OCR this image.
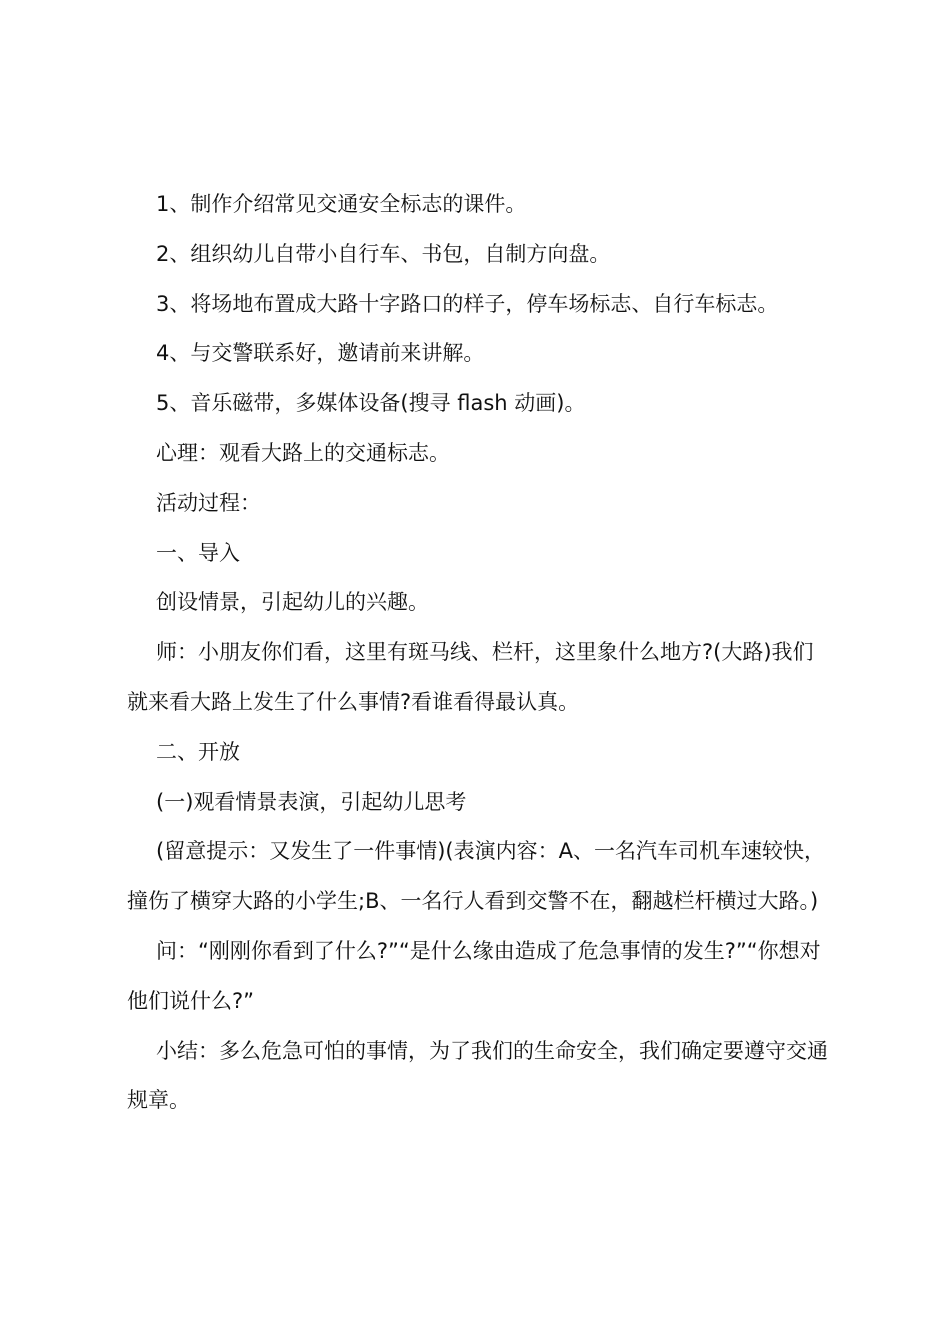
1、制作介绍常见交通安全标志的课件。

2、组织幼儿自带小自行车、书包，自制方向盘。

3、将场地布置成大路十字路口的样子，停车场标志、自行车标志。

4、与交警联系好，邀请前来讲解。

5、音乐磁带，多媒体设备(搜寻 flash 动画)。

心理：观看大路上的交通标志。

活动过程：

一、导入

创设情景，引起幼儿的兴趣。

师：小朋友你们看，这里有斑马线、栏杆，这里象什么地方?(大路)我们就来看大路上发生了什么事情?看谁看得最认真。

二、开放

(一)观看情景表演，引起幼儿思考

(留意提示：又发生了一件事情)(表演内容：A、一名汽车司机车速较快，撞伤了横穿大路的小学生;B、一名行人看到交警不在，翻越栏杆横过大路。)

问：“刚刚你看到了什么?”“是什么缘由造成了危急事情的发生?”“你想对他们说什么?”

小结：多么危急可怕的事情，为了我们的生命安全，我们确定要遵守交通规章。
